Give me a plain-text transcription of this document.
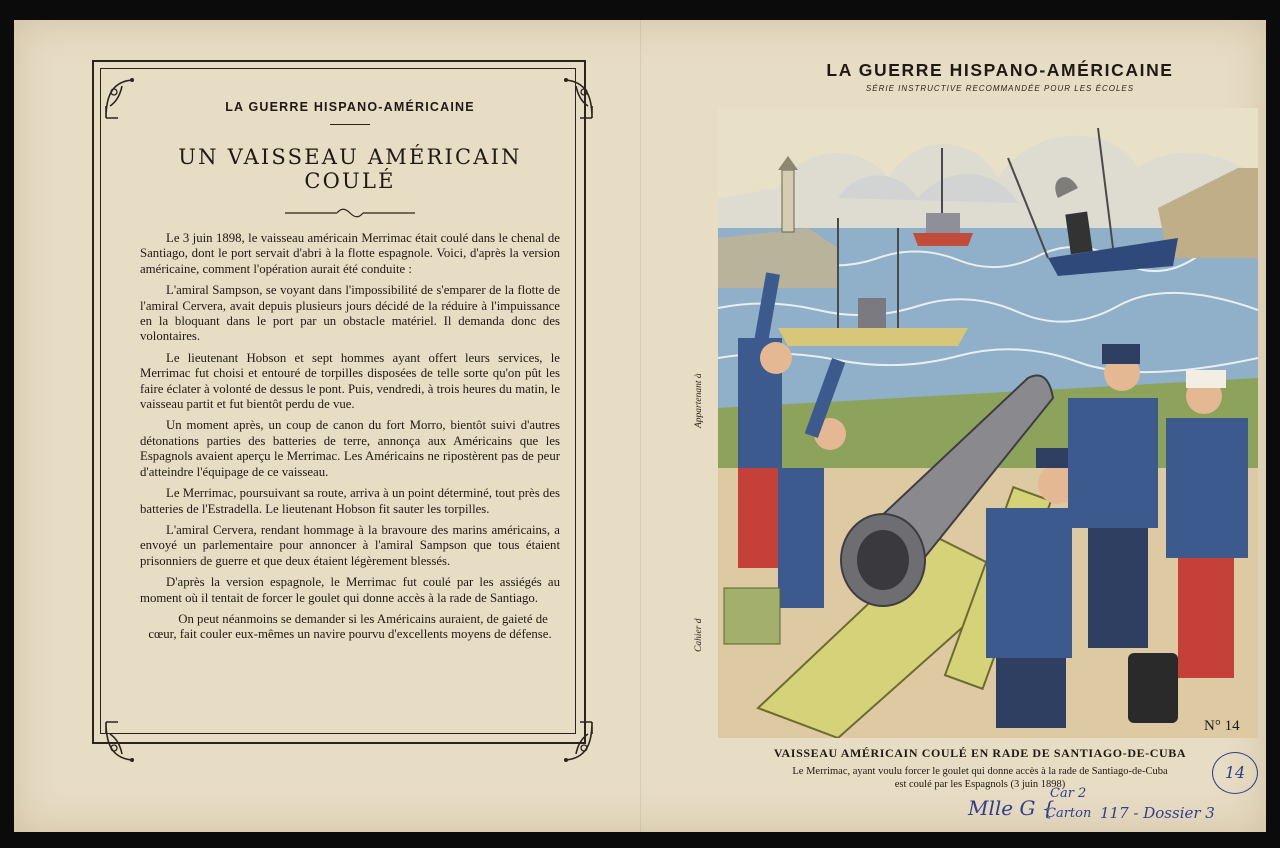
LA GUERRE HISPANO-AMÉRICAINE
UN VAISSEAU AMÉRICAIN COULÉ

Le 3 juin 1898, le vaisseau américain Merrimac était coulé dans le chenal de Santiago, dont le port servait d'abri à la flotte espagnole. Voici, d'après la version américaine, comment l'opération aurait été conduite :

L'amiral Sampson, se voyant dans l'impossibilité de s'emparer de la flotte de l'amiral Cervera, avait depuis plusieurs jours décidé de la réduire à l'impuissance en la bloquant dans le port par un obstacle matériel. Il demanda donc des volontaires.

Le lieutenant Hobson et sept hommes ayant offert leurs services, le Merrimac fut choisi et entouré de torpilles disposées de telle sorte qu'on pût les faire éclater à volonté de dessus le pont. Puis, vendredi, à trois heures du matin, le vaisseau partit et fut bientôt perdu de vue.

Un moment après, un coup de canon du fort Morro, bientôt suivi d'autres détonations parties des batteries de terre, annonça aux Américains que les Espagnols avaient aperçu le Merrimac. Les Américains ne ripostèrent pas de peur d'atteindre l'équipage de ce vaisseau.

Le Merrimac, poursuivant sa route, arriva à un point déterminé, tout près des batteries de l'Estradella. Le lieutenant Hobson fit sauter les torpilles.

L'amiral Cervera, rendant hommage à la bravoure des marins américains, a envoyé un parlementaire pour annoncer à l'amiral Sampson que tous étaient prisonniers de guerre et que deux étaient légèrement blessés.

D'après la version espagnole, le Merrimac fut coulé par les assiégés au moment où il tentait de forcer le goulet qui donne accès à la rade de Santiago.

On peut néanmoins se demander si les Américains auraient, de gaieté de cœur, fait couler eux-mêmes un navire pourvu d'excellents moyens de défense.

LA GUERRE HISPANO-AMÉRICAINE
SÉRIE INSTRUCTIVE RECOMMANDÉE POUR LES ÉCOLES
Appartenant à
Cahier d
N° 14
VAISSEAU AMÉRICAIN COULÉ EN RADE DE SANTIAGO-DE-CUBA
Le Merrimac, ayant voulu forcer le goulet qui donne accès à la rade de Santiago-de-Cuba
est coulé par les Espagnols (3 juin 1898)
14
Mlle G {
Car 2
Carton 117 - Dossier 3
